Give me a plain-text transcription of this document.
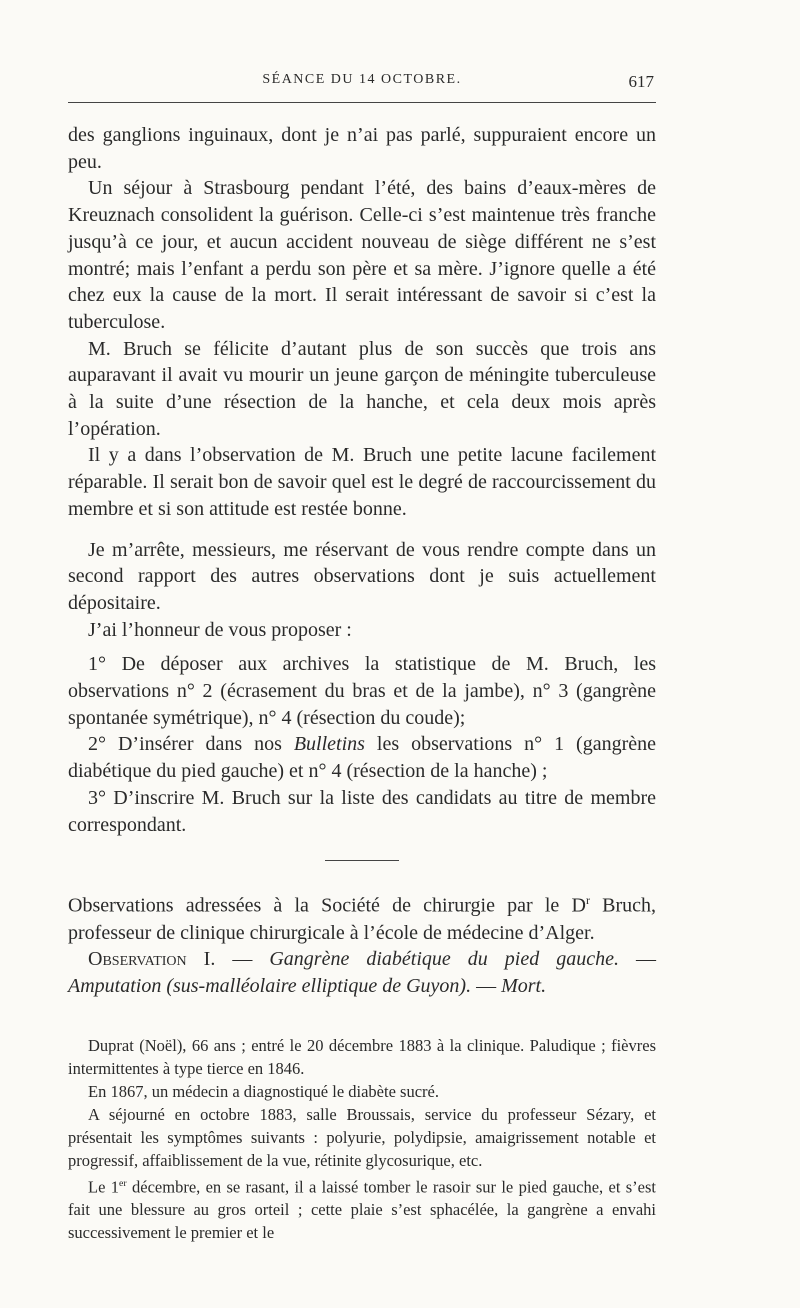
SÉANCE DU 14 OCTOBRE.	617

des ganglions inguinaux, dont je n’ai pas parlé, suppuraient encore un peu.

Un séjour à Strasbourg pendant l’été, des bains d’eaux-mères de Kreuznach consolident la guérison. Celle-ci s’est maintenue très franche jusqu’à ce jour, et aucun accident nouveau de siège différent ne s’est montré; mais l’enfant a perdu son père et sa mère. J’ignore quelle a été chez eux la cause de la mort. Il serait intéressant de savoir si c’est la tuberculose.

M. Bruch se félicite d’autant plus de son succès que trois ans auparavant il avait vu mourir un jeune garçon de méningite tuberculeuse à la suite d’une résection de la hanche, et cela deux mois après l’opération.

Il y a dans l’observation de M. Bruch une petite lacune facilement réparable. Il serait bon de savoir quel est le degré de raccourcissement du membre et si son attitude est restée bonne.

Je m’arrête, messieurs, me réservant de vous rendre compte dans un second rapport des autres observations dont je suis actuellement dépositaire.

J’ai l’honneur de vous proposer :

1° De déposer aux archives la statistique de M. Bruch, les observations n° 2 (écrasement du bras et de la jambe), n° 3 (gangrène spontanée symétrique), n° 4 (résection du coude);

2° D’insérer dans nos Bulletins les observations n° 1 (gangrène diabétique du pied gauche) et n° 4 (résection de la hanche) ;

3° D’inscrire M. Bruch sur la liste des candidats au titre de membre correspondant.

Observations adressées à la Société de chirurgie par le $D^r$ Bruch, professeur de clinique chirurgicale à l’école de médecine d’Alger.

Observation I. — Gangrène diabétique du pied gauche. — Amputation (sus-malléolaire elliptique de Guyon). — Mort.

Duprat (Noël), 66 ans ; entré le 20 décembre 1883 à la clinique. Paludique ; fièvres intermittentes à type tierce en 1846.

En 1867, un médecin a diagnostiqué le diabète sucré.

A séjourné en octobre 1883, salle Broussais, service du professeur Sézary, et présentait les symptômes suivants : polyurie, polydipsie, amaigrissement notable et progressif, affaiblissement de la vue, rétinite glycosurique, etc.

Le 1er décembre, en se rasant, il a laissé tomber le rasoir sur le pied gauche, et s’est fait une blessure au gros orteil ; cette plaie s’est sphacélée, la gangrène a envahi successivement le premier et le
